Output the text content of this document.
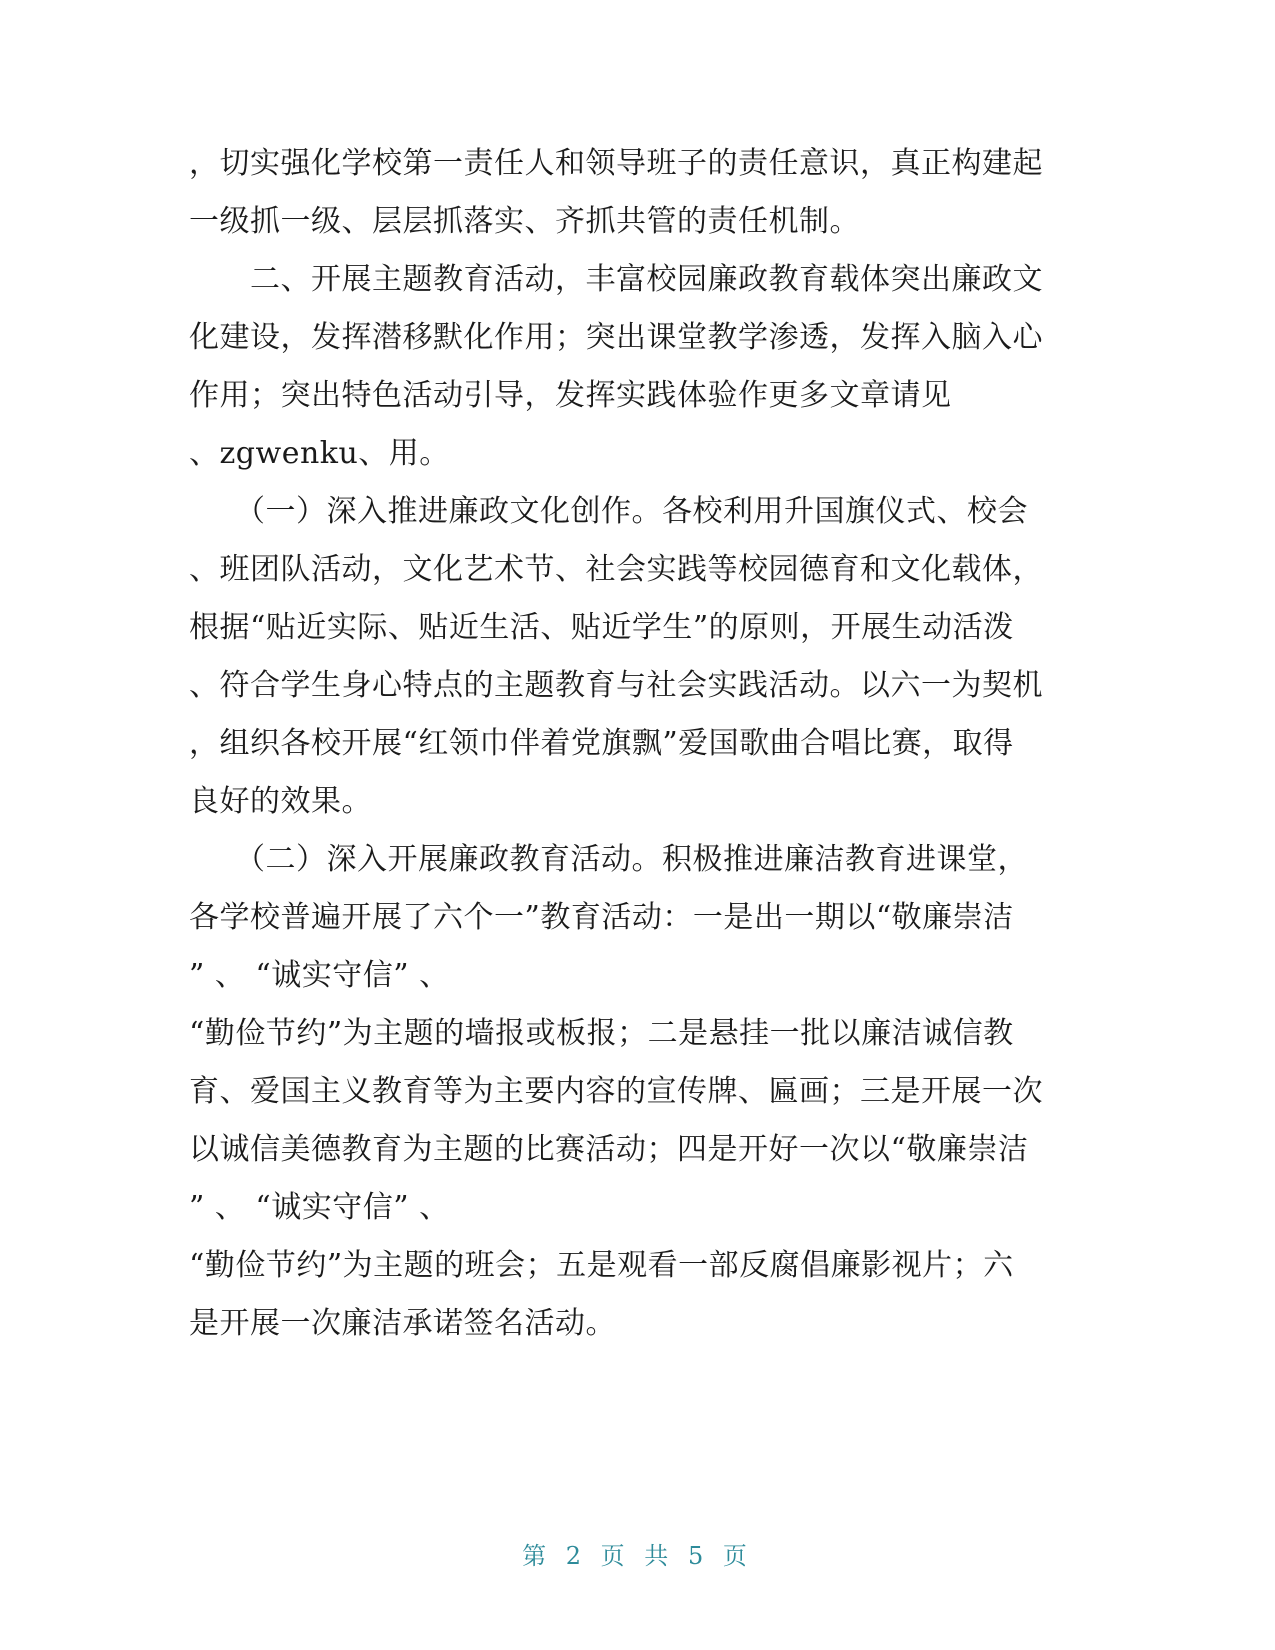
，切实强化学校第一责任人和领导班子的责任意识，真正构建起
一级抓一级、层层抓落实、齐抓共管的责任机制。
　　二、开展主题教育活动，丰富校园廉政教育载体突出廉政文
化建设，发挥潜移默化作用；突出课堂教学渗透，发挥入脑入心
作用；突出特色活动引导，发挥实践体验作更多文章请见
、zgwenku、用。
　　（一）深入推进廉政文化创作。各校利用升国旗仪式、校会
、班团队活动，文化艺术节、社会实践等校园德育和文化载体，
根据“贴近实际、贴近生活、贴近学生”的原则，开展生动活泼
、符合学生身心特点的主题教育与社会实践活动。以六一为契机
，组织各校开展“红领巾伴着党旗飘”爱国歌曲合唱比赛，取得
良好的效果。
　　（二）深入开展廉政教育活动。积极推进廉洁教育进课堂，
各学校普遍开展了六个一”教育活动：一是出一期以“敬廉崇洁
” 、 “诚实守信” 、
“勤俭节约”为主题的墙报或板报；二是悬挂一批以廉洁诚信教
育、爱国主义教育等为主要内容的宣传牌、匾画；三是开展一次
以诚信美德教育为主题的比赛活动；四是开好一次以“敬廉崇洁
” 、 “诚实守信” 、
“勤俭节约”为主题的班会；五是观看一部反腐倡廉影视片；六
是开展一次廉洁承诺签名活动。
第 2 页 共 5 页
